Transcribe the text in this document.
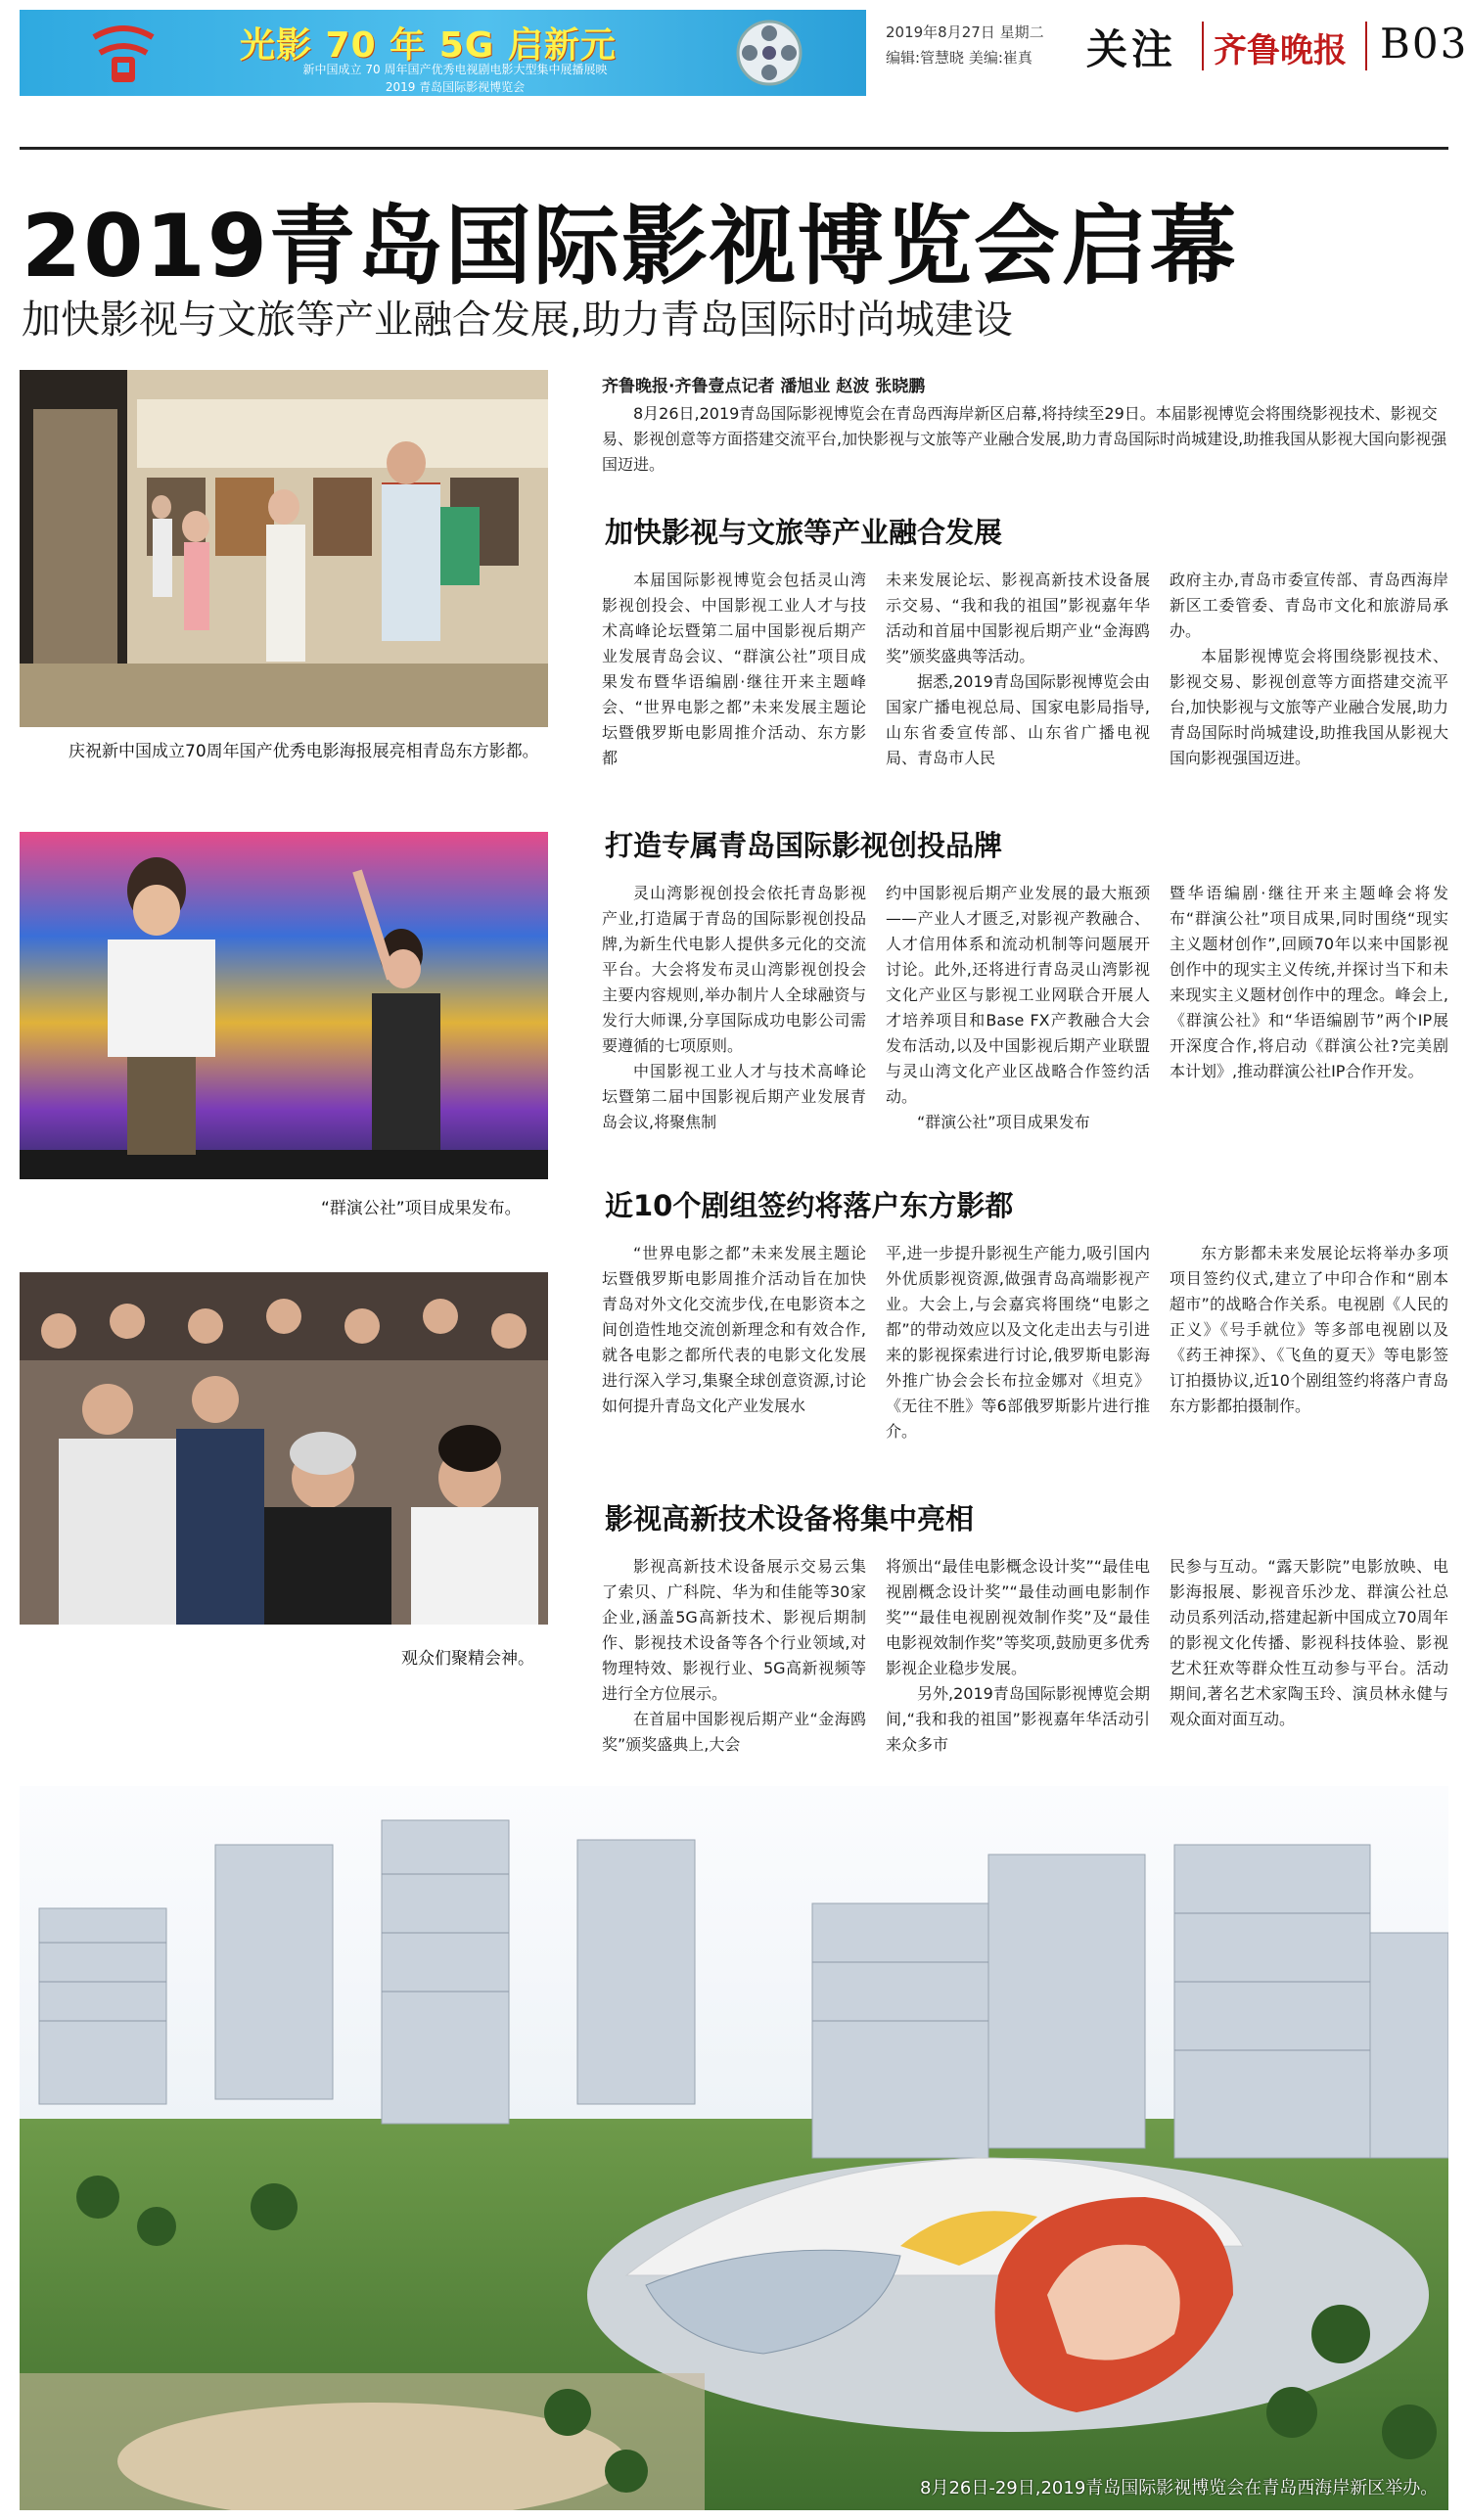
光影 70 年 5G 启新元
新中国成立 70 周年国产优秀电视剧电影大型集中展播展映
2019 青岛国际影视博览会
2019年8月27日 星期二
编辑:管慧晓 美编:崔真 关注 齐鲁晚报 B03
2019青岛国际影视博览会启幕
加快影视与文旅等产业融合发展,助力青岛国际时尚城建设
庆祝新中国成立70周年国产优秀电影海报展亮相青岛东方影都。
“群演公社”项目成果发布。
观众们聚精会神。
齐鲁晚报·齐鲁壹点记者 潘旭业 赵波 张晓鹏
8月26日,2019青岛国际影视博览会在青岛西海岸新区启幕,将持续至29日。本届影视博览会将围绕影视技术、影视交易、影视创意等方面搭建交流平台,加快影视与文旅等产业融合发展,助力青岛国际时尚城建设,助推我国从影视大国向影视强国迈进。
加快影视与文旅等产业融合发展

本届国际影视博览会包括灵山湾影视创投会、中国影视工业人才与技术高峰论坛暨第二届中国影视后期产业发展青岛会议、“群演公社”项目成果发布暨华语编剧·继往开来主题峰会、“世界电影之都”未来发展主题论坛暨俄罗斯电影周推介活动、东方影都

未来发展论坛、影视高新技术设备展示交易、“我和我的祖国”影视嘉年华活动和首届中国影视后期产业“金海鸥奖”颁奖盛典等活动。

据悉,2019青岛国际影视博览会由国家广播电视总局、国家电影局指导,山东省委宣传部、山东省广播电视局、青岛市人民

政府主办,青岛市委宣传部、青岛西海岸新区工委管委、青岛市文化和旅游局承办。

本届影视博览会将围绕影视技术、影视交易、影视创意等方面搭建交流平台,加快影视与文旅等产业融合发展,助力青岛国际时尚城建设,助推我国从影视大国向影视强国迈进。

打造专属青岛国际影视创投品牌

灵山湾影视创投会依托青岛影视产业,打造属于青岛的国际影视创投品牌,为新生代电影人提供多元化的交流平台。大会将发布灵山湾影视创投会主要内容规则,举办制片人全球融资与发行大师课,分享国际成功电影公司需要遵循的七项原则。

中国影视工业人才与技术高峰论坛暨第二届中国影视后期产业发展青岛会议,将聚焦制

约中国影视后期产业发展的最大瓶颈——产业人才匮乏,对影视产教融合、人才信用体系和流动机制等问题展开讨论。此外,还将进行青岛灵山湾影视文化产业区与影视工业网联合开展人才培养项目和Base FX产教融合大会发布活动,以及中国影视后期产业联盟与灵山湾文化产业区战略合作签约活动。

“群演公社”项目成果发布

暨华语编剧·继往开来主题峰会将发布“群演公社”项目成果,同时围绕“现实主义题材创作”,回顾70年以来中国影视创作中的现实主义传统,并探讨当下和未来现实主义题材创作中的理念。峰会上,《群演公社》和“华语编剧节”两个IP展开深度合作,将启动《群演公社?完美剧本计划》,推动群演公社IP合作开发。

近10个剧组签约将落户东方影都

“世界电影之都”未来发展主题论坛暨俄罗斯电影周推介活动旨在加快青岛对外文化交流步伐,在电影资本之间创造性地交流创新理念和有效合作,就各电影之都所代表的电影文化发展进行深入学习,集聚全球创意资源,讨论如何提升青岛文化产业发展水

平,进一步提升影视生产能力,吸引国内外优质影视资源,做强青岛高端影视产业。大会上,与会嘉宾将围绕“电影之都”的带动效应以及文化走出去与引进来的影视探索进行讨论,俄罗斯电影海外推广协会会长布拉金娜对《坦克》《无往不胜》等6部俄罗斯影片进行推介。

东方影都未来发展论坛将举办多项项目签约仪式,建立了中印合作和“剧本超市”的战略合作关系。电视剧《人民的正义》《号手就位》等多部电视剧以及《药王神探》、《飞鱼的夏天》等电影签订拍摄协议,近10个剧组签约将落户青岛东方影都拍摄制作。

影视高新技术设备将集中亮相

影视高新技术设备展示交易云集了索贝、广科院、华为和佳能等30家企业,涵盖5G高新技术、影视后期制作、影视技术设备等各个行业领域,对物理特效、影视行业、5G高新视频等进行全方位展示。

在首届中国影视后期产业“金海鸥奖”颁奖盛典上,大会

将颁出“最佳电影概念设计奖”“最佳电视剧概念设计奖”“最佳动画电影制作奖”“最佳电视剧视效制作奖”及“最佳电影视效制作奖”等奖项,鼓励更多优秀影视企业稳步发展。

另外,2019青岛国际影视博览会期间,“我和我的祖国”影视嘉年华活动引来众多市

民参与互动。“露天影院”电影放映、电影海报展、影视音乐沙龙、群演公社总动员系列活动,搭建起新中国成立70周年的影视文化传播、影视科技体验、影视艺术狂欢等群众性互动参与平台。活动期间,著名艺术家陶玉玲、演员林永健与观众面对面互动。

8月26日-29日,2019青岛国际影视博览会在青岛西海岸新区举办。
